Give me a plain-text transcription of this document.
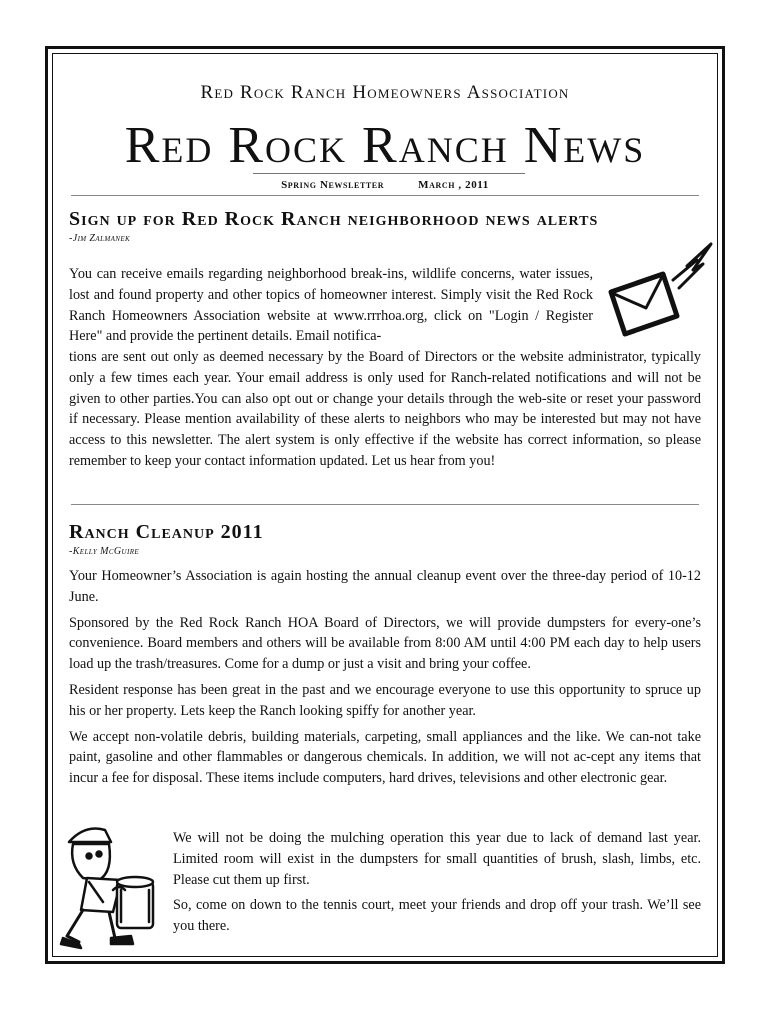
Red Rock Ranch Homeowners Association
Red Rock Ranch News
Spring Newsletter	March , 2011
Sign up for Red Rock Ranch neighborhood news alerts
-Jim Zalmanek
You can receive emails regarding neighborhood break-ins, wildlife concerns, water issues, lost and found property and other topics of homeowner interest. Simply visit the Red Rock Ranch Homeowners Association website at www.rrrhoa.org, click on "Login / Register Here" and provide the pertinent details. Email notifica-
tions are sent out only as deemed necessary by the Board of Directors or the website administrator, typically only a few times each year. Your email address is only used for Ranch-related notifications and will not be given to other parties.You can also opt out or change your details through the web-site or reset your password if necessary. Please mention availability of these alerts to neighbors who may be interested but may not have access to this newsletter. The alert system is only effective if the website has correct information, so please remember to keep your contact information updated. Let us hear from you!
Ranch Cleanup 2011
-Kelly McGuire

Your Homeowner’s Association is again hosting the annual cleanup event over the three-day period of 10-12 June.

Sponsored by the Red Rock Ranch HOA Board of Directors, we will provide dumpsters for every-one’s convenience. Board members and others will be available from 8:00 AM until 4:00 PM each day to help users load up the trash/treasures. Come for a dump or just a visit and bring your coffee.

Resident response has been great in the past and we encourage everyone to use this opportunity to spruce up his or her property. Lets keep the Ranch looking spiffy for another year.

We accept non-volatile debris, building materials, carpeting, small appliances and the like. We can-not take paint, gasoline and other flammables or dangerous chemicals. In addition, we will not ac-cept any items that incur a fee for disposal. These items include computers, hard drives, televisions and other electronic gear.

We will not be doing the mulching operation this year due to lack of demand last year. Limited room will exist in the dumpsters for small quantities of brush, slash, limbs, etc. Please cut them up first.

So, come on down to the tennis court, meet your friends and drop off your trash. We’ll see you there.
